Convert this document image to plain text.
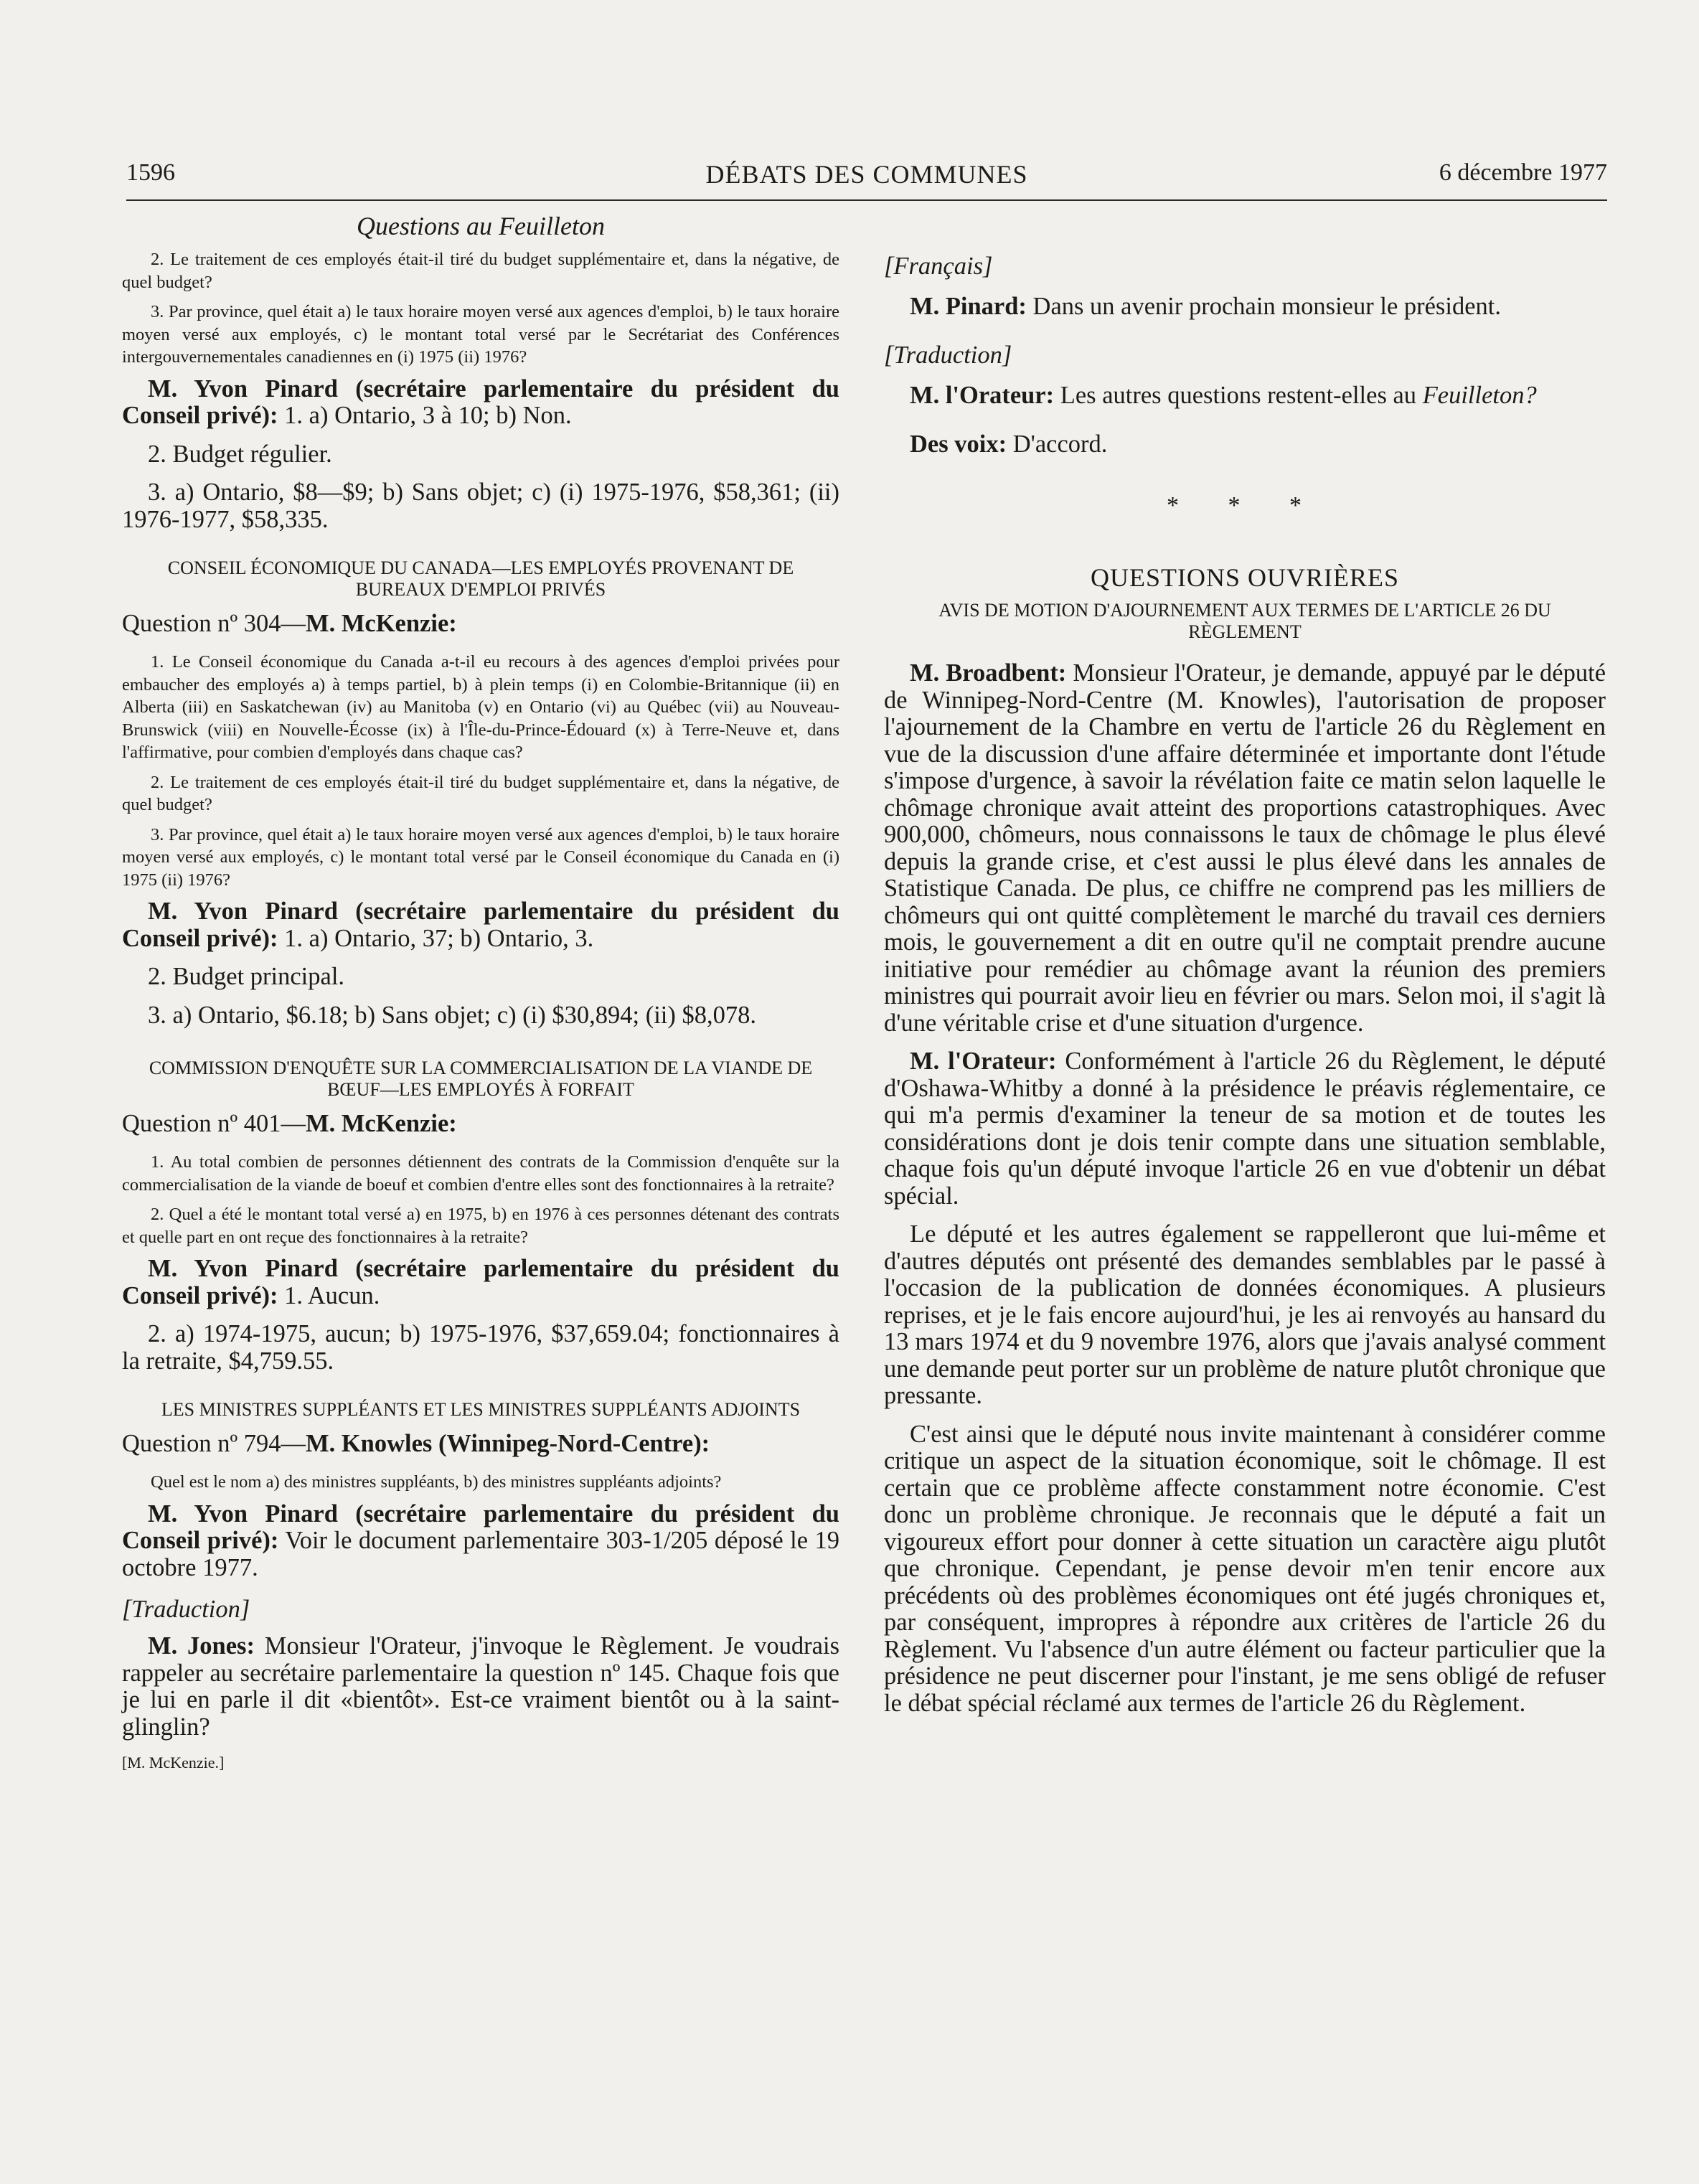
1596	DÉBATS DES COMMUNES	6 décembre 1977

Questions au Feuilleton

2. Le traitement de ces employés était-il tiré du budget supplémentaire et, dans la négative, de quel budget?

3. Par province, quel était a) le taux horaire moyen versé aux agences d'emploi, b) le taux horaire moyen versé aux employés, c) le montant total versé par le Secrétariat des Conférences intergouvernementales canadiennes en (i) 1975 (ii) 1976?

M. Yvon Pinard (secrétaire parlementaire du président du Conseil privé): 1. a) Ontario, 3 à 10; b) Non.

2. Budget régulier.

3. a) Ontario, $8—$9; b) Sans objet; c) (i) 1975-1976, $58,361; (ii) 1976-1977, $58,335.

CONSEIL ÉCONOMIQUE DU CANADA—LES EMPLOYÉS PROVENANT DE BUREAUX D'EMPLOI PRIVÉS

Question nº 304—M. McKenzie:

1. Le Conseil économique du Canada a-t-il eu recours à des agences d'emploi privées pour embaucher des employés a) à temps partiel, b) à plein temps (i) en Colombie-Britannique (ii) en Alberta (iii) en Saskatchewan (iv) au Manitoba (v) en Ontario (vi) au Québec (vii) au Nouveau-Brunswick (viii) en Nouvelle-Écosse (ix) à l'Île-du-Prince-Édouard (x) à Terre-Neuve et, dans l'affirmative, pour combien d'employés dans chaque cas?

2. Le traitement de ces employés était-il tiré du budget supplémentaire et, dans la négative, de quel budget?

3. Par province, quel était a) le taux horaire moyen versé aux agences d'emploi, b) le taux horaire moyen versé aux employés, c) le montant total versé par le Conseil économique du Canada en (i) 1975 (ii) 1976?

M. Yvon Pinard (secrétaire parlementaire du président du Conseil privé): 1. a) Ontario, 37; b) Ontario, 3.

2. Budget principal.

3. a) Ontario, $6.18; b) Sans objet; c) (i) $30,894; (ii) $8,078.

COMMISSION D'ENQUÊTE SUR LA COMMERCIALISATION DE LA VIANDE DE BŒUF—LES EMPLOYÉS À FORFAIT

Question nº 401—M. McKenzie:

1. Au total combien de personnes détiennent des contrats de la Commission d'enquête sur la commercialisation de la viande de boeuf et combien d'entre elles sont des fonctionnaires à la retraite?

2. Quel a été le montant total versé a) en 1975, b) en 1976 à ces personnes détenant des contrats et quelle part en ont reçue des fonctionnaires à la retraite?

M. Yvon Pinard (secrétaire parlementaire du président du Conseil privé): 1. Aucun.

2. a) 1974-1975, aucun; b) 1975-1976, $37,659.04; fonctionnaires à la retraite, $4,759.55.

LES MINISTRES SUPPLÉANTS ET LES MINISTRES SUPPLÉANTS ADJOINTS

Question nº 794—M. Knowles (Winnipeg-Nord-Centre):

Quel est le nom a) des ministres suppléants, b) des ministres suppléants adjoints?

M. Yvon Pinard (secrétaire parlementaire du président du Conseil privé): Voir le document parlementaire 303-1/205 déposé le 19 octobre 1977.

[Traduction]

M. Jones: Monsieur l'Orateur, j'invoque le Règlement. Je voudrais rappeler au secrétaire parlementaire la question nº 145. Chaque fois que je lui en parle il dit «bientôt». Est-ce vraiment bientôt ou à la saint-glinglin?

[M. McKenzie.]

[Français]

M. Pinard: Dans un avenir prochain monsieur le président.

[Traduction]

M. l'Orateur: Les autres questions restent-elles au Feuilleton?

Des voix: D'accord.

* * *

QUESTIONS OUVRIÈRES

AVIS DE MOTION D'AJOURNEMENT AUX TERMES DE L'ARTICLE 26 DU RÈGLEMENT

M. Broadbent: Monsieur l'Orateur, je demande, appuyé par le député de Winnipeg-Nord-Centre (M. Knowles), l'autorisation de proposer l'ajournement de la Chambre en vertu de l'article 26 du Règlement en vue de la discussion d'une affaire déterminée et importante dont l'étude s'impose d'urgence, à savoir la révélation faite ce matin selon laquelle le chômage chronique avait atteint des proportions catastrophiques. Avec 900,000, chômeurs, nous connaissons le taux de chômage le plus élevé depuis la grande crise, et c'est aussi le plus élevé dans les annales de Statistique Canada. De plus, ce chiffre ne comprend pas les milliers de chômeurs qui ont quitté complètement le marché du travail ces derniers mois, le gouvernement a dit en outre qu'il ne comptait prendre aucune initiative pour remédier au chômage avant la réunion des premiers ministres qui pourrait avoir lieu en février ou mars. Selon moi, il s'agit là d'une véritable crise et d'une situation d'urgence.

M. l'Orateur: Conformément à l'article 26 du Règlement, le député d'Oshawa-Whitby a donné à la présidence le préavis réglementaire, ce qui m'a permis d'examiner la teneur de sa motion et de toutes les considérations dont je dois tenir compte dans une situation semblable, chaque fois qu'un député invoque l'article 26 en vue d'obtenir un débat spécial.

Le député et les autres également se rappelleront que lui-même et d'autres députés ont présenté des demandes semblables par le passé à l'occasion de la publication de données économiques. A plusieurs reprises, et je le fais encore aujourd'hui, je les ai renvoyés au hansard du 13 mars 1974 et du 9 novembre 1976, alors que j'avais analysé comment une demande peut porter sur un problème de nature plutôt chronique que pressante.

C'est ainsi que le député nous invite maintenant à considérer comme critique un aspect de la situation économique, soit le chômage. Il est certain que ce problème affecte constamment notre économie. C'est donc un problème chronique. Je reconnais que le député a fait un vigoureux effort pour donner à cette situation un caractère aigu plutôt que chronique. Cependant, je pense devoir m'en tenir encore aux précédents où des problèmes économiques ont été jugés chroniques et, par conséquent, impropres à répondre aux critères de l'article 26 du Règlement. Vu l'absence d'un autre élément ou facteur particulier que la présidence ne peut discerner pour l'instant, je me sens obligé de refuser le débat spécial réclamé aux termes de l'article 26 du Règlement.
